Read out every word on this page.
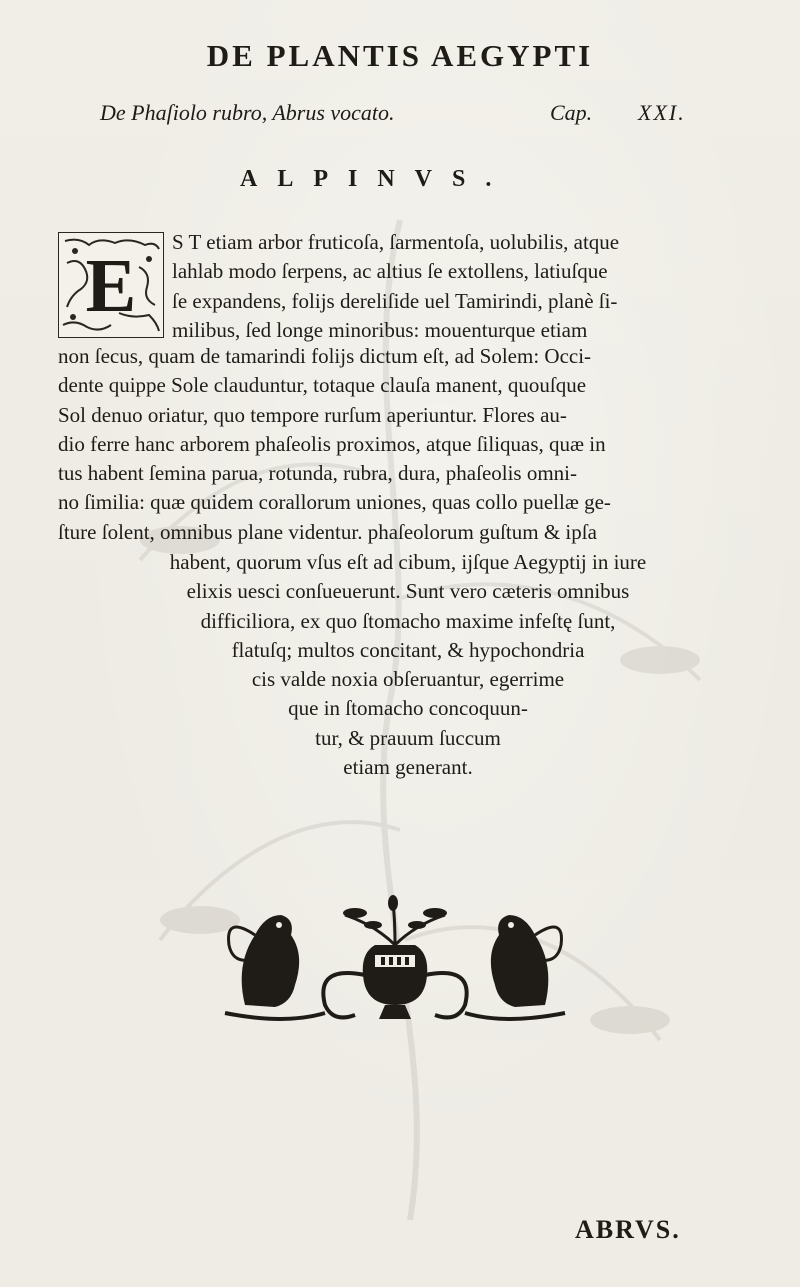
DE PLANTIS AEGYPTI
De Phaſiolo rubro, Abrus vocato.	Cap. XXI.
ALPINVS.
E
S T etiam arbor fruticoſa, ſarmentoſa, uolubilis, atque
lahlab modo ſerpens, ac altius ſe extollens, latiuſque
ſe expandens, folijs dereliſide uel Tamirindi, planè ſi-
milibus, ſed longe minoribus: mouenturque etiam
non ſecus, quam de tamarindi folijs dictum eſt, ad Solem: Occi-
dente quippe Sole clauduntur, totaque clauſa manent, quouſque
Sol denuo oriatur, quo tempore rurſum aperiuntur. Flores au-
dio ferre hanc arborem phaſeolis proximos, atque ſiliquas, quæ in
tus habent ſemina parua, rotunda, rubra, dura, phaſeolis omni-
no ſimilia: quæ quidem corallorum uniones, quas collo puellæ ge-
ſture ſolent, omnibus plane videntur. phaſeolorum guſtum & ipſa
habent, quorum vſus eſt ad cibum, ijſque Aegyptij in iure
elixis uesci conſueuerunt. Sunt vero cæteris omnibus
difficiliora, ex quo ſtomacho maxime infeſtę ſunt,
flatuſq; multos concitant, & hypochondria
cis valde noxia obſeruantur, egerrime
que in ſtomacho concoquun-
tur, & prauum ſuccum
etiam generant.
ABRVS.
